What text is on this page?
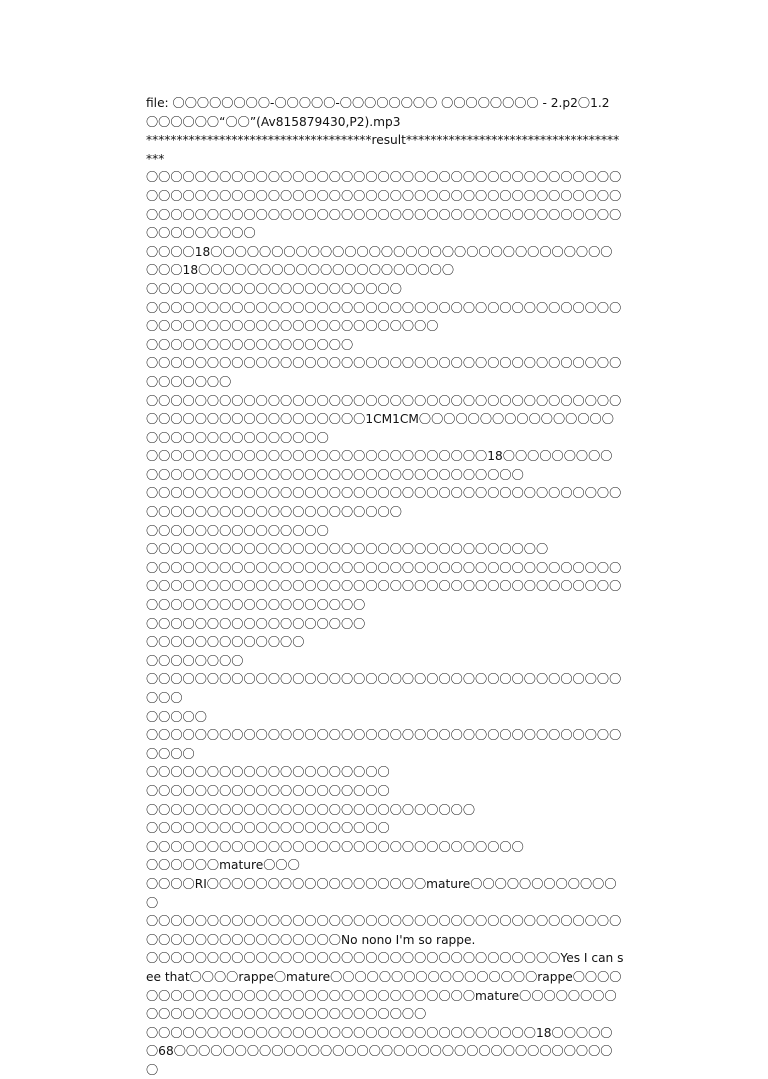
file: 〇〇〇〇〇〇〇〇-〇〇〇〇〇-〇〇〇〇〇〇〇〇 〇〇〇〇〇〇〇〇 - 2.p2〇1.2 〇〇〇〇〇〇“〇〇”(Av815879430,P2).mp3

*************************************result**************************************

〇〇〇〇〇〇〇〇〇〇〇〇〇〇〇〇〇〇〇〇〇〇〇〇〇〇〇〇〇〇〇〇〇〇〇〇〇〇〇〇〇〇〇〇〇〇〇〇〇〇〇〇〇〇〇〇〇〇〇〇〇〇〇〇〇〇〇〇〇〇〇〇〇〇〇〇〇〇〇〇〇〇〇〇〇〇〇〇〇〇〇〇〇〇〇〇〇〇〇〇〇〇〇〇〇〇〇〇〇〇〇〇〇〇〇〇〇〇〇〇〇〇〇〇〇〇

〇〇〇〇18〇〇〇〇〇〇〇〇〇〇〇〇〇〇〇〇〇〇〇〇〇〇〇〇〇〇〇〇〇〇〇〇〇〇〇〇18〇〇〇〇〇〇〇〇〇〇〇〇〇〇〇〇〇〇〇〇〇

〇〇〇〇〇〇〇〇〇〇〇〇〇〇〇〇〇〇〇〇〇

〇〇〇〇〇〇〇〇〇〇〇〇〇〇〇〇〇〇〇〇〇〇〇〇〇〇〇〇〇〇〇〇〇〇〇〇〇〇〇〇〇〇〇〇〇〇〇〇〇〇〇〇〇〇〇〇〇〇〇〇〇〇〇

〇〇〇〇〇〇〇〇〇〇〇〇〇〇〇〇〇

〇〇〇〇〇〇〇〇〇〇〇〇〇〇〇〇〇〇〇〇〇〇〇〇〇〇〇〇〇〇〇〇〇〇〇〇〇〇〇〇〇〇〇〇〇〇

〇〇〇〇〇〇〇〇〇〇〇〇〇〇〇〇〇〇〇〇〇〇〇〇〇〇〇〇〇〇〇〇〇〇〇〇〇〇〇〇〇〇〇〇〇〇〇〇〇〇〇〇〇〇〇〇〇1CM1CM〇〇〇〇〇〇〇〇〇〇〇〇〇〇〇〇〇〇〇〇〇〇〇〇〇〇〇〇〇〇〇

〇〇〇〇〇〇〇〇〇〇〇〇〇〇〇〇〇〇〇〇〇〇〇〇〇〇〇〇18〇〇〇〇〇〇〇〇〇〇〇〇〇〇〇〇〇〇〇〇〇〇〇〇〇〇〇〇〇〇〇〇〇〇〇〇〇〇〇〇

〇〇〇〇〇〇〇〇〇〇〇〇〇〇〇〇〇〇〇〇〇〇〇〇〇〇〇〇〇〇〇〇〇〇〇〇〇〇〇〇〇〇〇〇〇〇〇〇〇〇〇〇〇〇〇〇〇〇〇〇

〇〇〇〇〇〇〇〇〇〇〇〇〇〇〇

〇〇〇〇〇〇〇〇〇〇〇〇〇〇〇〇〇〇〇〇〇〇〇〇〇〇〇〇〇〇〇〇〇

〇〇〇〇〇〇〇〇〇〇〇〇〇〇〇〇〇〇〇〇〇〇〇〇〇〇〇〇〇〇〇〇〇〇〇〇〇〇〇〇〇〇〇〇〇〇〇〇〇〇〇〇〇〇〇〇〇〇〇〇〇〇〇〇〇〇〇〇〇〇〇〇〇〇〇〇〇〇〇〇〇〇〇〇〇〇〇〇〇〇〇〇〇〇〇〇

〇〇〇〇〇〇〇〇〇〇〇〇〇〇〇〇〇〇

〇〇〇〇〇〇〇〇〇〇〇〇〇

〇〇〇〇〇〇〇〇

〇〇〇〇〇〇〇〇〇〇〇〇〇〇〇〇〇〇〇〇〇〇〇〇〇〇〇〇〇〇〇〇〇〇〇〇〇〇〇〇〇〇

〇〇〇〇〇

〇〇〇〇〇〇〇〇〇〇〇〇〇〇〇〇〇〇〇〇〇〇〇〇〇〇〇〇〇〇〇〇〇〇〇〇〇〇〇〇〇〇〇

〇〇〇〇〇〇〇〇〇〇〇〇〇〇〇〇〇〇〇〇

〇〇〇〇〇〇〇〇〇〇〇〇〇〇〇〇〇〇〇〇

〇〇〇〇〇〇〇〇〇〇〇〇〇〇〇〇〇〇〇〇〇〇〇〇〇〇〇

〇〇〇〇〇〇〇〇〇〇〇〇〇〇〇〇〇〇〇〇

〇〇〇〇〇〇〇〇〇〇〇〇〇〇〇〇〇〇〇〇〇〇〇〇〇〇〇〇〇〇〇

〇〇〇〇〇〇mature〇〇〇

〇〇〇〇RI〇〇〇〇〇〇〇〇〇〇〇〇〇〇〇〇〇〇mature〇〇〇〇〇〇〇〇〇〇〇〇〇

〇〇〇〇〇〇〇〇〇〇〇〇〇〇〇〇〇〇〇〇〇〇〇〇〇〇〇〇〇〇〇〇〇〇〇〇〇〇〇〇〇〇〇〇〇〇〇〇〇〇〇〇〇〇〇No nono I'm so rappe.

〇〇〇〇〇〇〇〇〇〇〇〇〇〇〇〇〇〇〇〇〇〇〇〇〇〇〇〇〇〇〇〇〇〇Yes I can see that〇〇〇〇rappe〇mature〇〇〇〇〇〇〇〇〇〇〇〇〇〇〇〇〇rappe〇〇〇〇〇〇〇〇〇〇〇〇〇〇〇〇〇〇〇〇〇〇〇〇〇〇〇〇〇〇〇mature〇〇〇〇〇〇〇〇〇〇〇〇〇〇〇〇〇〇〇〇〇〇〇〇〇〇〇〇〇〇〇

〇〇〇〇〇〇〇〇〇〇〇〇〇〇〇〇〇〇〇〇〇〇〇〇〇〇〇〇〇〇〇〇18〇〇〇〇〇〇68〇〇〇〇〇〇〇〇〇〇〇〇〇〇〇〇〇〇〇〇〇〇〇〇〇〇〇〇〇〇〇〇〇〇〇〇〇
